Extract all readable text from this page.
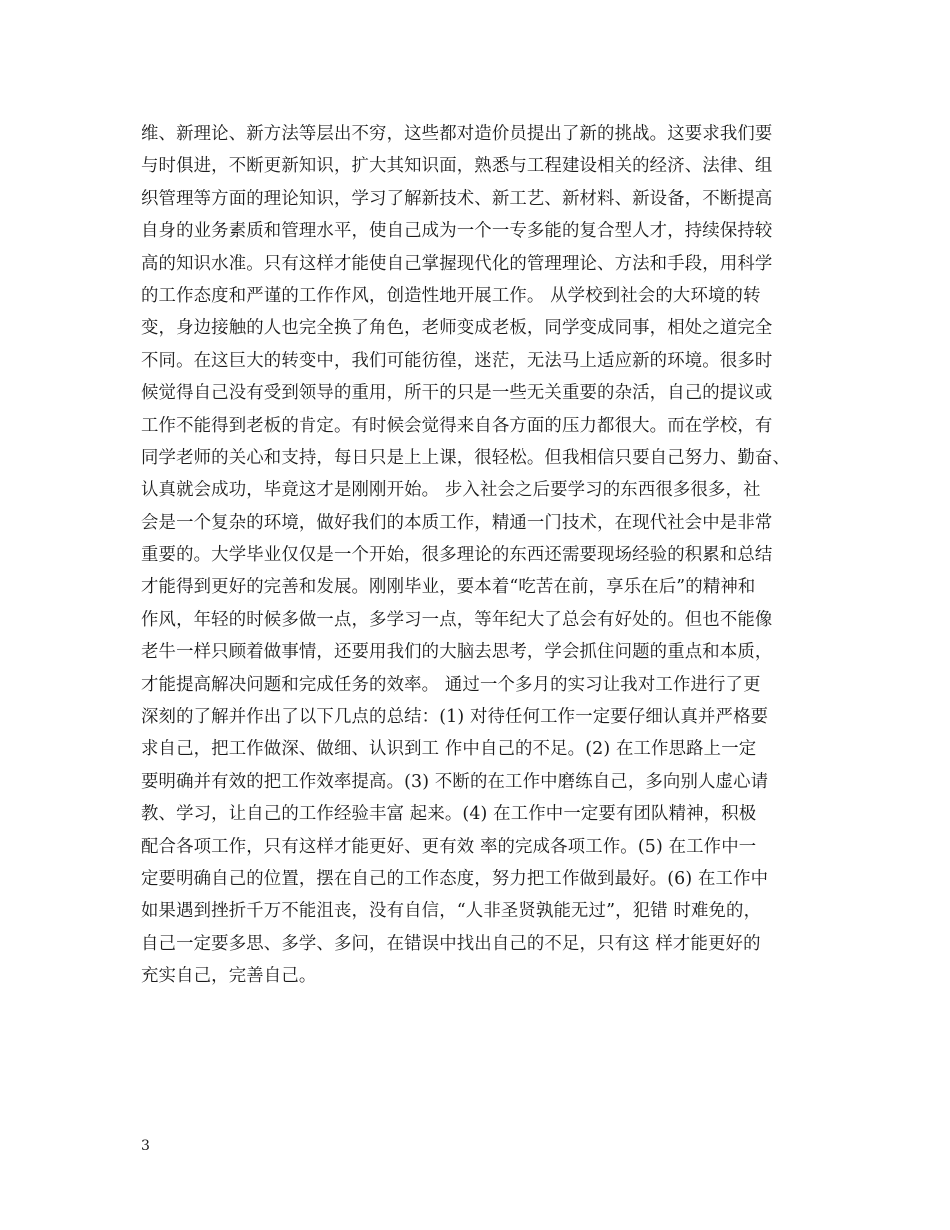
维、新理论、新方法等层出不穷，这些都对造价员提出了新的挑战。这要求我们要
与时俱进，不断更新知识，扩大其知识面，熟悉与工程建设相关的经济、法律、组
织管理等方面的理论知识，学习了解新技术、新工艺、新材料、新设备，不断提高
自身的业务素质和管理水平，使自己成为一个一专多能的复合型人才，持续保持较
高的知识水准。只有这样才能使自己掌握现代化的管理理论、方法和手段，用科学
的工作态度和严谨的工作作风，创造性地开展工作。 从学校到社会的大环境的转
变，身边接触的人也完全换了角色，老师变成老板，同学变成同事，相处之道完全
不同。在这巨大的转变中，我们可能彷徨，迷茫，无法马上适应新的环境。很多时
候觉得自己没有受到领导的重用，所干的只是一些无关重要的杂活，自己的提议或
工作不能得到老板的肯定。有时候会觉得来自各方面的压力都很大。而在学校，有
同学老师的关心和支持，每日只是上上课，很轻松。但我相信只要自己努力、勤奋、
认真就会成功，毕竟这才是刚刚开始。 步入社会之后要学习的东西很多很多，社
会是一个复杂的环境，做好我们的本质工作，精通一门技术，在现代社会中是非常
重要的。大学毕业仅仅是一个开始，很多理论的东西还需要现场经验的积累和总结
才能得到更好的完善和发展。刚刚毕业，要本着“吃苦在前，享乐在后”的精神和
作风，年轻的时候多做一点，多学习一点，等年纪大了总会有好处的。但也不能像
老牛一样只顾着做事情，还要用我们的大脑去思考，学会抓住问题的重点和本质，
才能提高解决问题和完成任务的效率。 通过一个多月的实习让我对工作进行了更
深刻的了解并作出了以下几点的总结：(1) 对待任何工作一定要仔细认真并严格要
求自己，把工作做深、做细、认识到工 作中自己的不足。(2) 在工作思路上一定
要明确并有效的把工作效率提高。(3) 不断的在工作中磨练自己，多向别人虚心请
教、学习，让自己的工作经验丰富 起来。(4) 在工作中一定要有团队精神，积极
配合各项工作，只有这样才能更好、更有效 率的完成各项工作。(5) 在工作中一
定要明确自己的位置，摆在自己的工作态度，努力把工作做到最好。(6) 在工作中
如果遇到挫折千万不能沮丧，没有自信，“人非圣贤孰能无过”，犯错 时难免的，
自己一定要多思、多学、多问，在错误中找出自己的不足，只有这 样才能更好的
充实自己，完善自己。
3
